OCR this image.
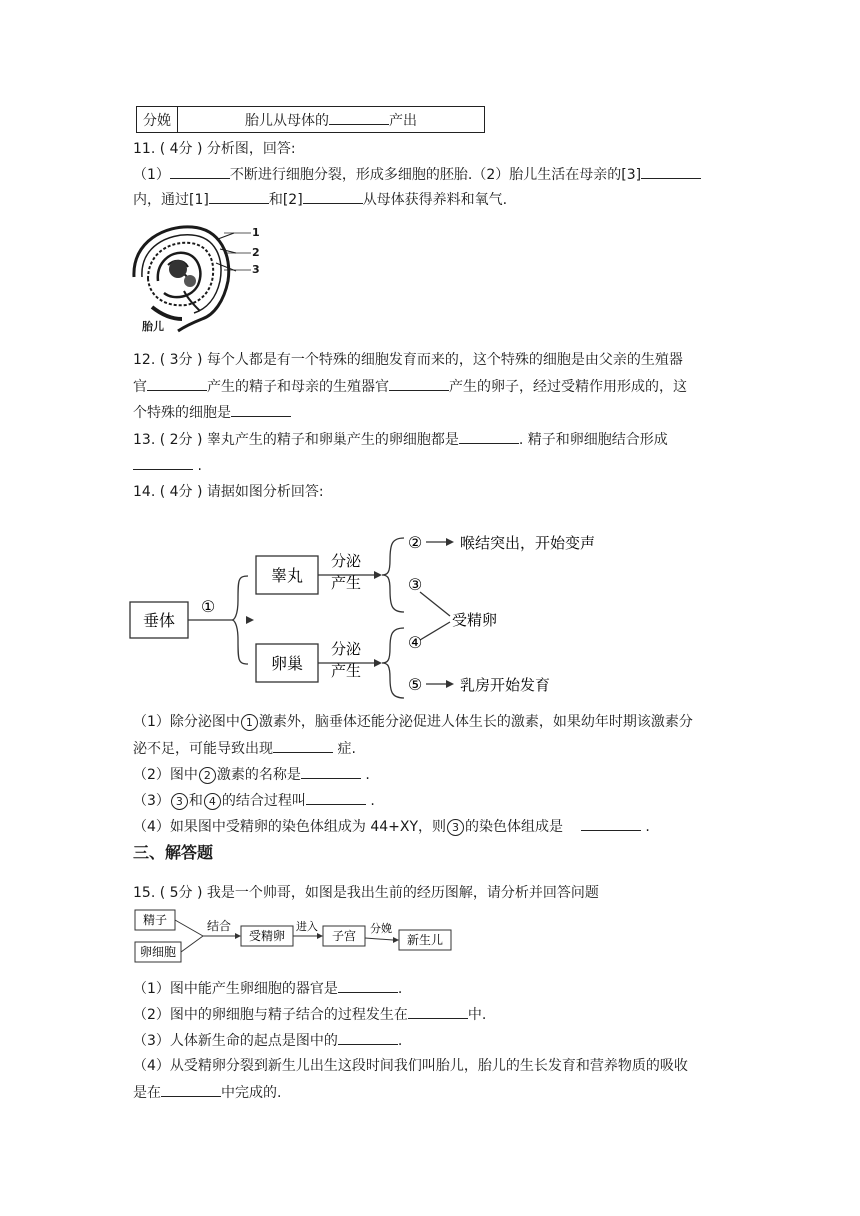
分娩	胎儿从母体的	产出
11. ( 4分 ) 分析图，回答:
（1）	不断进行细胞分裂，形成多细胞的胚胎.（2）胎儿生活在母亲的[3]
内，通过[1]	和[2]	从母体获得养料和氧气.
1
2
3
胎儿
12. ( 3分 ) 每个人都是有一个特殊的细胞发育而来的，这个特殊的细胞是由父亲的生殖器
官	产生的精子和母亲的生殖器官	产生的卵子，经过受精作用形成的，这
个特殊的细胞是
13. ( 2分 ) 睾丸产生的精子和卵巢产生的卵细胞都是	. 精子和卵细胞结合形成
.
14. ( 4分 ) 请据如图分析回答:
垂体
睾丸
卵巢
①
分泌
产生
分泌
产生
②
③
④
⑤
喉结突出，开始变声
受精卵
乳房开始发育
（1）除分泌图中 1 激素外，脑垂体还能分泌促进人体生长的激素，如果幼年时期该激素分
泌不足，可能导致出现	症.
（2）图中 2 激素的名称是	.
（3） 3 和 4 的结合过程叫	.
（4）如果图中受精卵的染色体组成为 44+XY，则 3 的染色体组成是	.
三、解答题
15. ( 5分 ) 我是一个帅哥，如图是我出生前的经历图解，请分析并回答问题
精子
卵细胞
结合
受精卵
进入
子宫
分娩
新生儿
（1）图中能产生卵细胞的器官是	.
（2）图中的卵细胞与精子结合的过程发生在	中.
（3）人体新生命的起点是图中的	.
（4）从受精卵分裂到新生儿出生这段时间我们叫胎儿，胎儿的生长发育和营养物质的吸收
是在	中完成的.
